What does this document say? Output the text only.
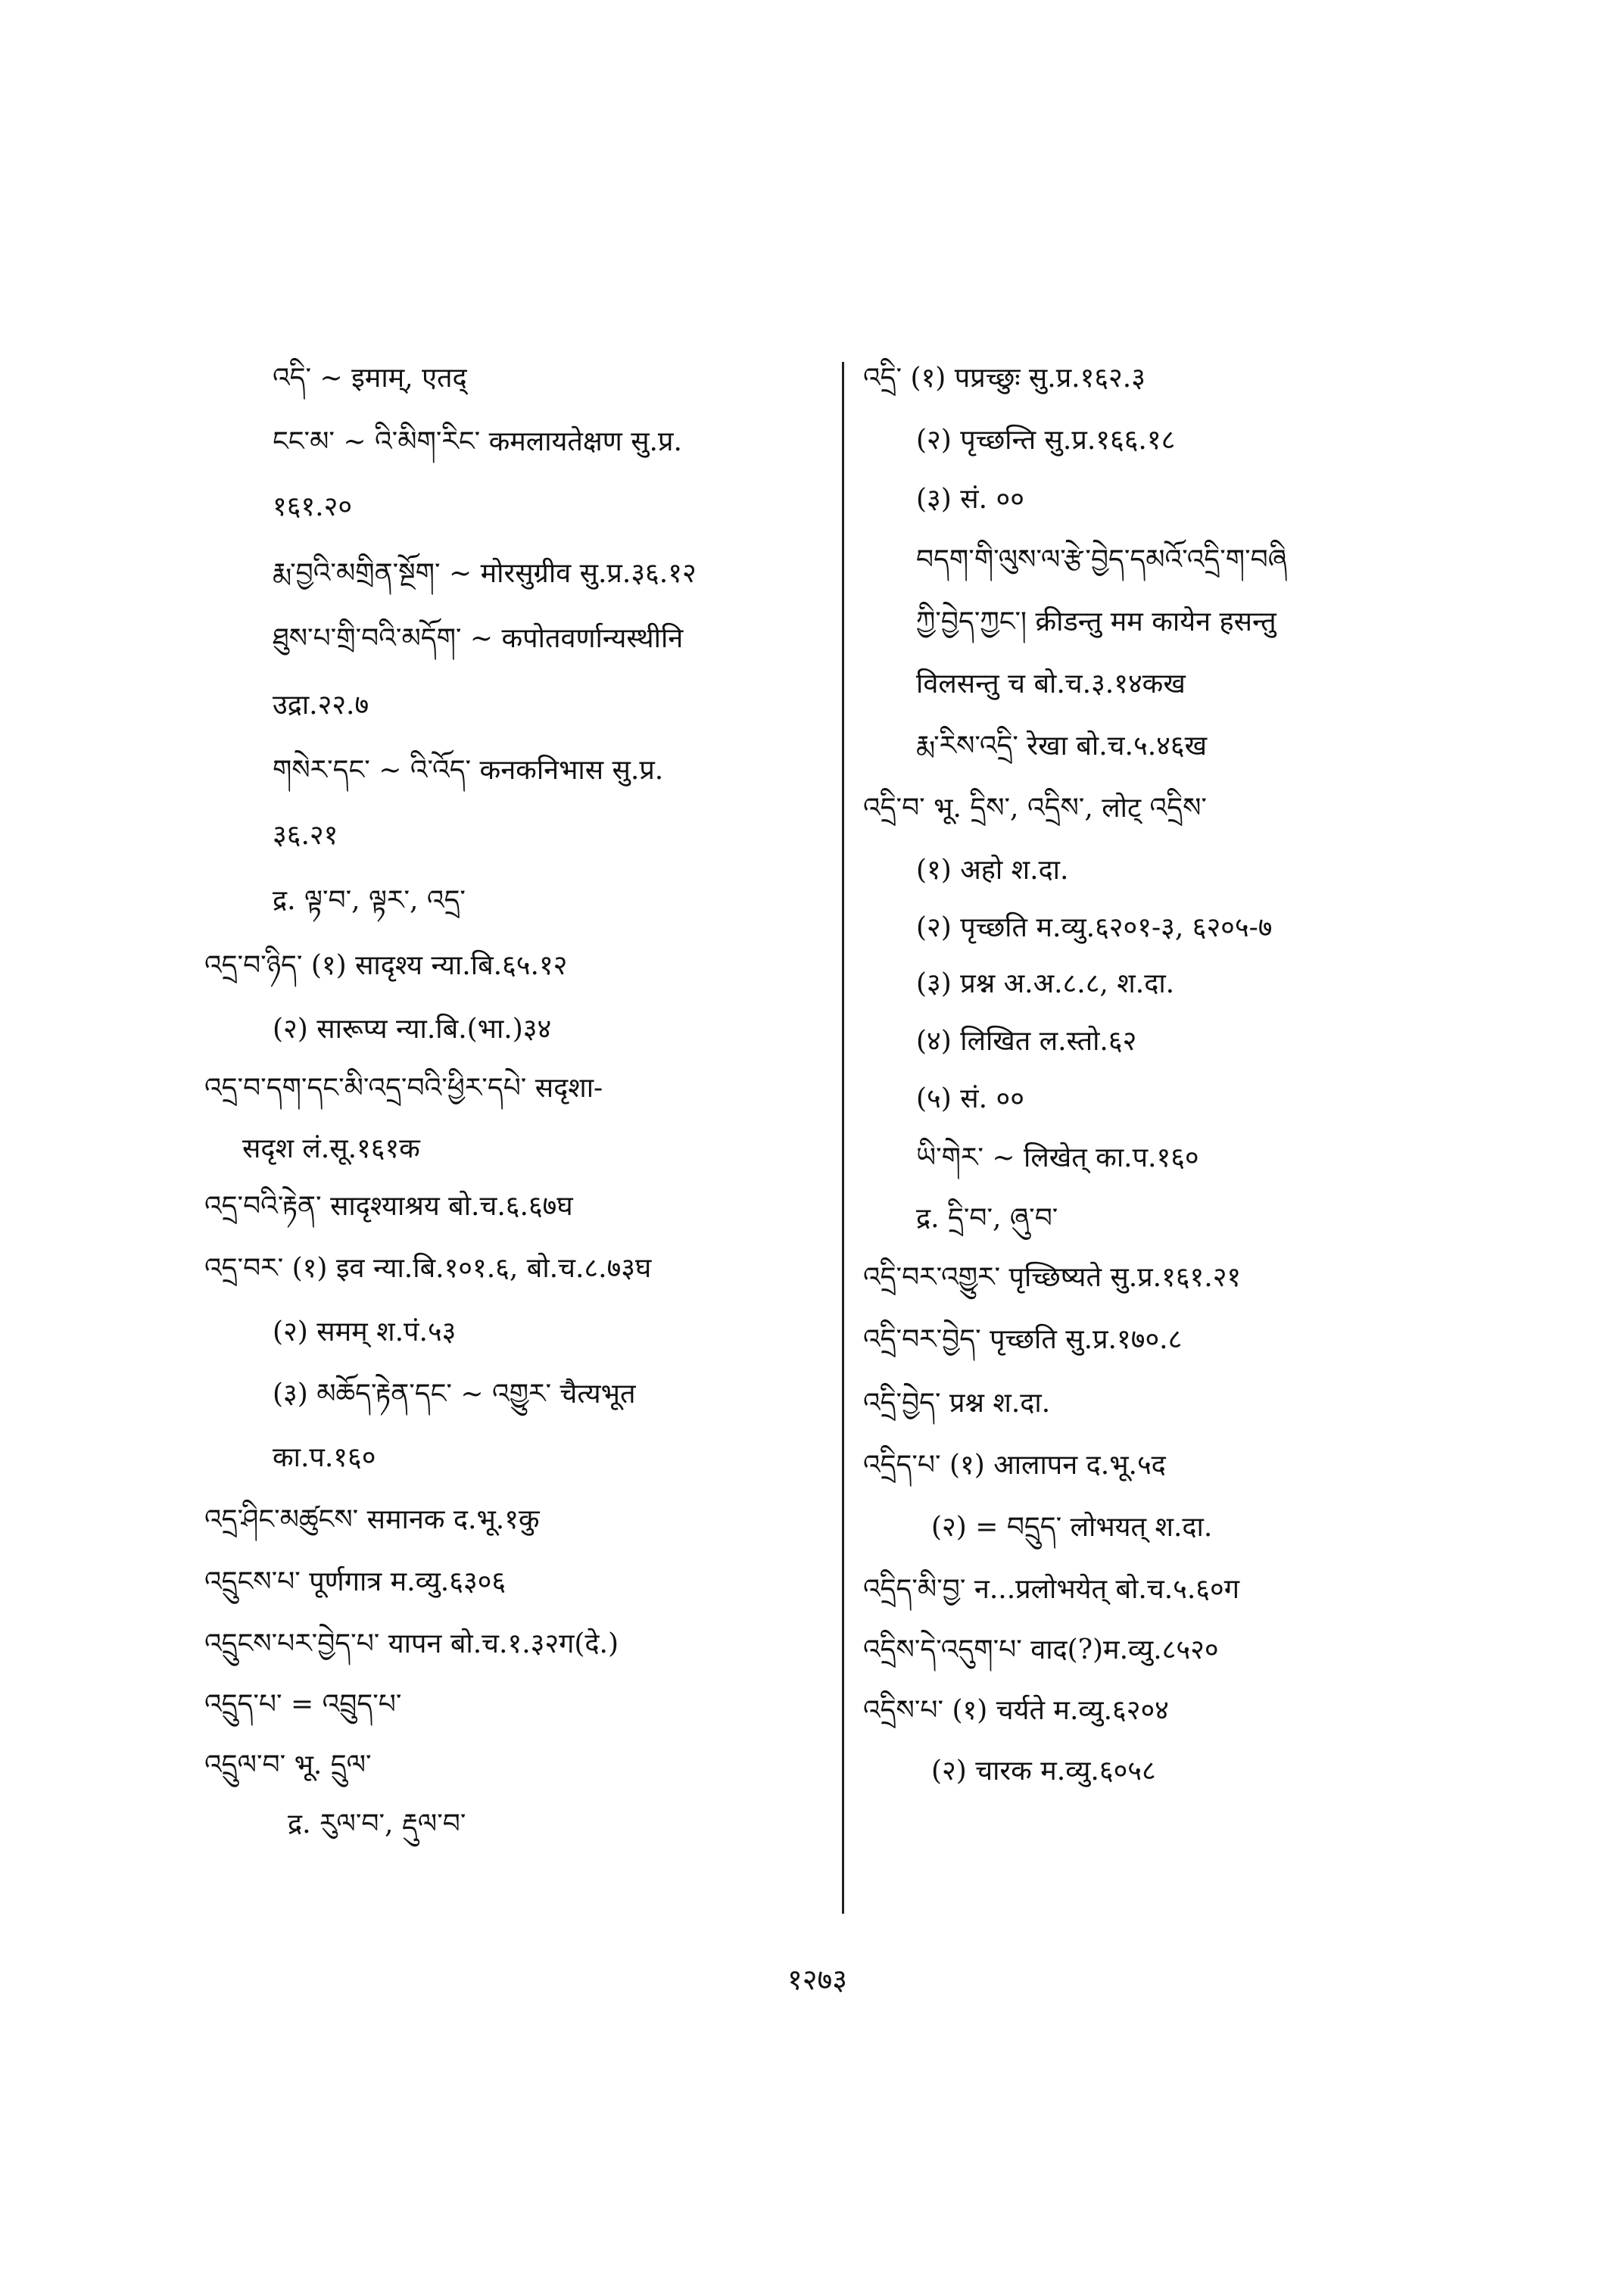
འདི་ ~ इमाम्, एतद्
ངང་མ་ ~ འི་མིག་རིང་ कमलायतेक्षण सु.प्र.
१६१.२०
རྨ་བྱའི་མགྲིན་སྔོག་ ~ मोरसुग्रीव सु.प्र.३६.१२
ཐུས་པ་གྲི་བའི་མདོག་ ~ कपोतवर्णान्यस्थीनि
उद्रा.२२.७
གསེར་དང་ ~ འི་འོད་ कनकनिभास सु.प्र.
३६.२१
द्र. ལྟ་བ་, ལྟར་, འདྲ་
འདྲ་བ་ཉིད་ (१) सादृश्य न्या.बि.६५.१२
(२) सारूप्य न्या.बि.(भा.)३४
འདྲ་བ་དག་དང་མི་འདྲ་བའི་ཕྱིར་དཔེ་ सदृशा-
सदृश लं.सू.१६१क
འདྲ་བའི་རྟེན་ सादृश्याश्रय बो.च.६.६७घ
འདྲ་བར་ (१) इव न्या.बि.१०१.६, बो.च.८.७३घ
(२) समम् श.पं.५३
(३) མཆོད་རྟེན་དང་ ~ འགྱུར་ चैत्यभूत
का.प.१६०
འདྲ་ཤིང་མཚུངས་ समानक द.भू.१कु
འདྲུངས་པ་ पूर्णगात्र म.व्यु.६३०६
འདྲུངས་པར་བྱེད་པ་ यापन बो.च.१.३२ग(दे.)
འདྲུད་པ་ = འབྲུད་པ་
འདྲུལ་བ་ भू. དྲུལ་
द्र. རུལ་བ་, རྡུལ་བ་
འདྲི་ (१) पप्रच्छुः सु.प्र.१६२.३
(२) पृच्छन्ति सु.प्र.१६६.१८
(३) सं. ००
བདག་གི་ལུས་ལ་རྩེ་བྱེད་དམའོ་འདྲི་ག་བཞི
ཀྱི་བྱེད་ཀྱང་། क्रीडन्तु मम कायेन हसन्तु
विलसन्तु च बो.च.३.१४कख
རྨ་རིས་འདྲི་ रेखा बो.च.५.४६ख
འདྲི་བ་ भू. དྲིས་, འདྲིས་, लोट् འདྲིས་
(१) अहो श.दा.
(२) पृच्छति म.व्यु.६२०१-३, ६२०५-७
(३) प्रश्न अ.अ.८.८, श.दा.
(४) लिखित ल.स्तो.६२
(५) सं. ००
ཡི་གེར་ ~ लिखेत् का.प.१६०
द्र. དྲི་བ་, ཞུ་བ་
འདྲི་བར་འགྱུར་ पृच्छिष्यते सु.प्र.१६१.२१
འདྲི་བར་བྱེད་ पृच्छति सु.प्र.१७०.८
འདྲི་བྱེད་ प्रश्न श.दा.
འདྲིད་པ་ (१) आलापन द.भू.५द
(२) = བདྲུད་ लोभयत् श.दा.
འདྲིད་མི་བྱ་ न...प्रलोभयेत् बो.च.५.६०ग
འདྲིས་དེ་འདུག་པ་ वाद(?)म.व्यु.८५२०
འདྲིས་པ་ (१) चर्यते म.व्यु.६२०४
(२) चारक म.व्यु.६०५८
१२७३
